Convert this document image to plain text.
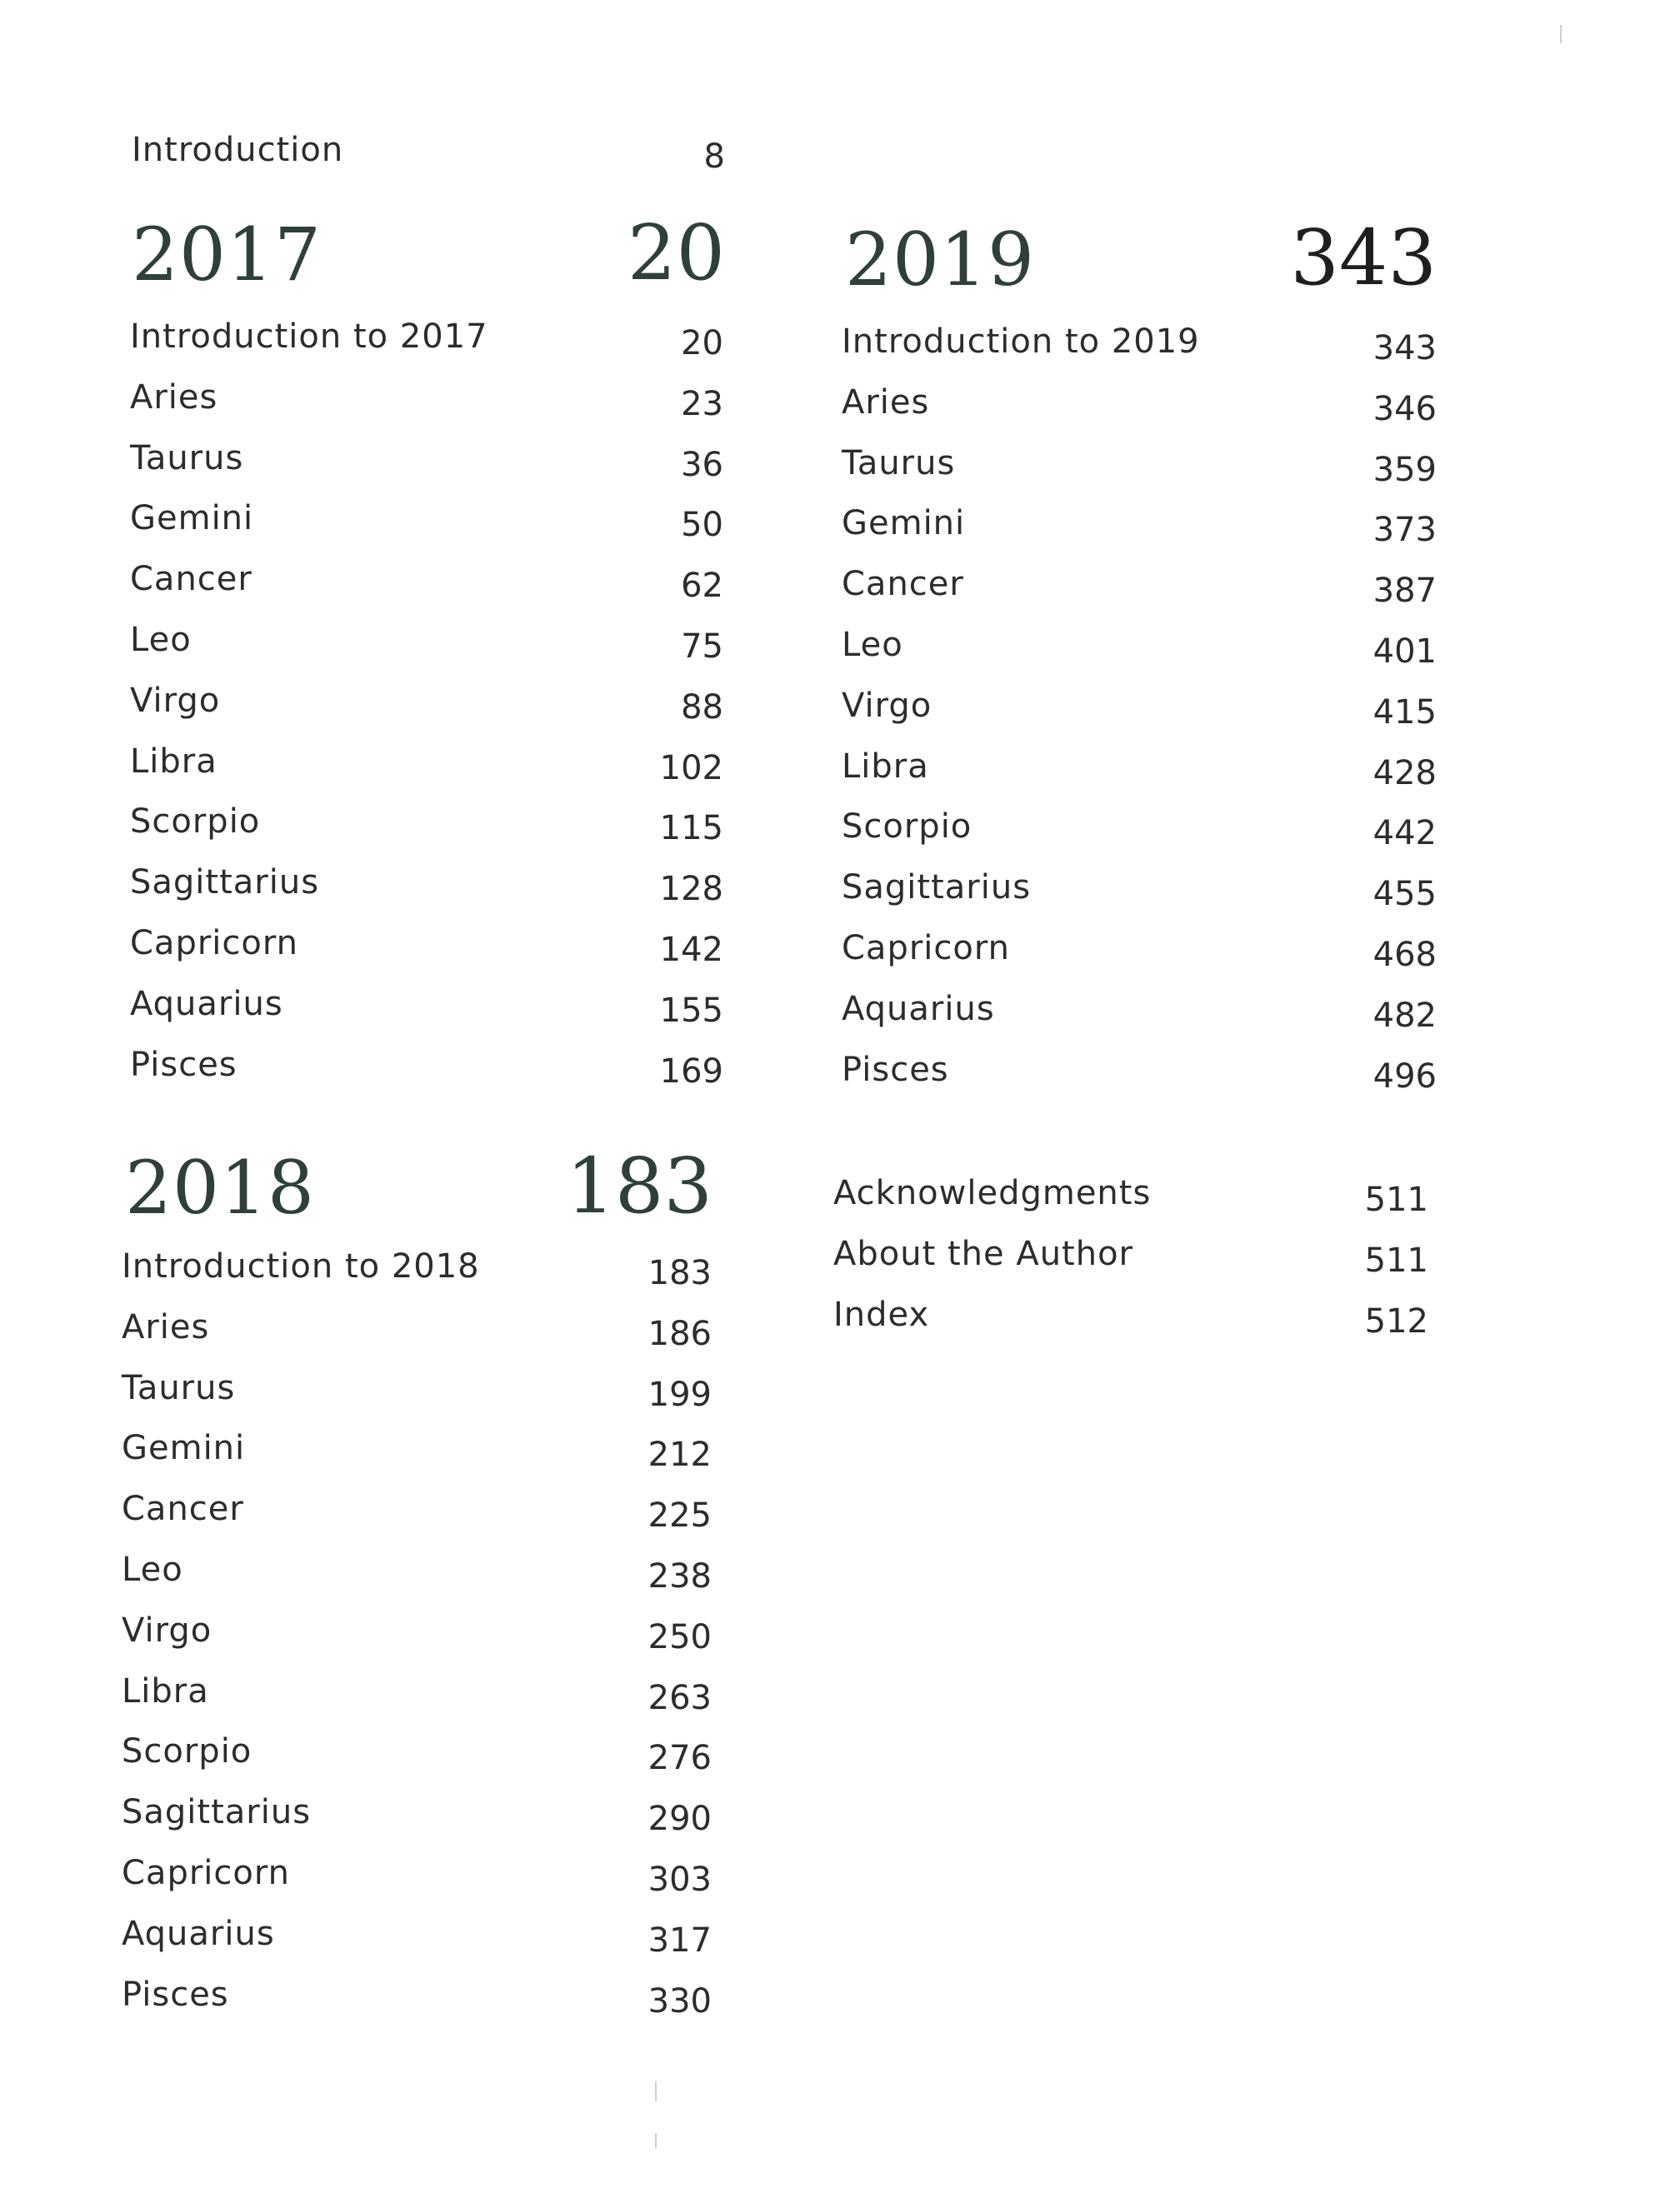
Introduction	8
2017	20
Introduction to 2017	20
Aries	23
Taurus	36
Gemini	50
Cancer	62
Leo	75
Virgo	88
Libra	102
Scorpio	115
Sagittarius	128
Capricorn	142
Aquarius	155
Pisces	169
2018	183
Introduction to 2018	183
Aries	186
Taurus	199
Gemini	212
Cancer	225
Leo	238
Virgo	250
Libra	263
Scorpio	276
Sagittarius	290
Capricorn	303
Aquarius	317
Pisces	330
2019	343
Introduction to 2019	343
Aries	346
Taurus	359
Gemini	373
Cancer	387
Leo	401
Virgo	415
Libra	428
Scorpio	442
Sagittarius	455
Capricorn	468
Aquarius	482
Pisces	496
Acknowledgments	511
About the Author	511
Index	512
